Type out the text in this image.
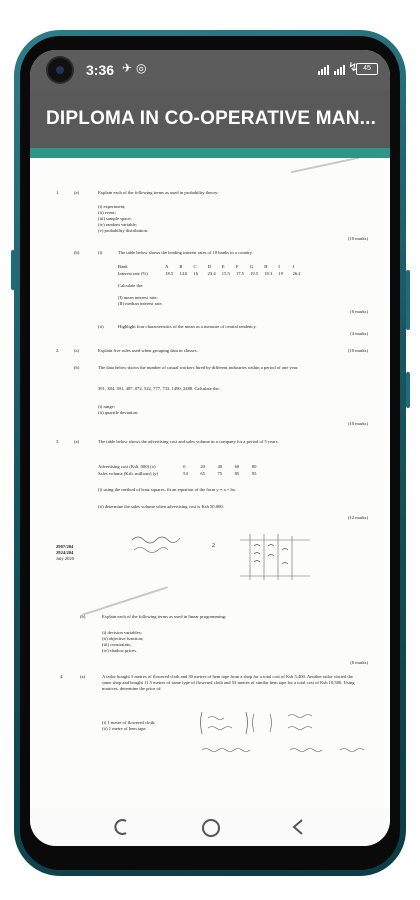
3:36 ✈ ◎	↯ 45
DIPLOMA IN CO-OPERATIVE MAN...
1.	(a)	Explain each of the following terms as used in probability theory:
(i) experiment;
(ii) event;
(iii) sample space;
(iv) random variable;
(v) probability distribution.
(10 marks)
(b)	(i)	The table below shows the lending interest rates of 10 banks in a country.
Bank	A B C D E F	G H I	J
Interest rate (%)	18.5 14.0 16 23.4 15.5 17.5 19.5 18.3 19 26.2
Calculate the:
(I) mean interest rate;
(II) median interest rate.
(6 marks)
(ii)	Highlight four characteristics of the mean as a measure of central tendency.
(4 marks)
2.	(a)	Explain five rules used when grouping data in classes.	(10 marks)
(b)	The data below shows the number of casual workers hired by different industries within a period of one year.
391, 384, 391, 407, 072, 522, 777, 733, 1490, 2488. Calculate the:
(i) range;
(ii) quartile deviation.
(10 marks)
3.	(a)	The table below shows the advertising cost and sales volume in a company for a period of 5 years.
Advertising cost (Ksh. 000) (x)	0	20	40	60	80
Sales volume (Ksh. millions) (y)	54	65	75	85	95
(i) using the method of least squares, fit an equation of the form y = a + bx.
(ii) determine the sales volume when advertising cost is Ksh 50,000.
(12 marks)
2907/204
2924/204
July 2020
2
(b)	Explain each of the following terms as used in linear programming:
(i) decision variables;
(ii) objective function;
(iii) constraints;
(iv) shadow prices.
(8 marks)
4.	(a)	A tailor bought 5 metres of flowered cloth and 30 metres of hem tape from a shop for a total cost of Ksh 5,400. Another tailor visited the same shop and bought 11.5 metres of same type of flowered cloth and 53 metres of similar hem tape for a total cost of Ksh 10,500. Using matrices, determine the price of:
(i) 1 metre of flowered cloth;
(ii) 1 metre of hem tape.
